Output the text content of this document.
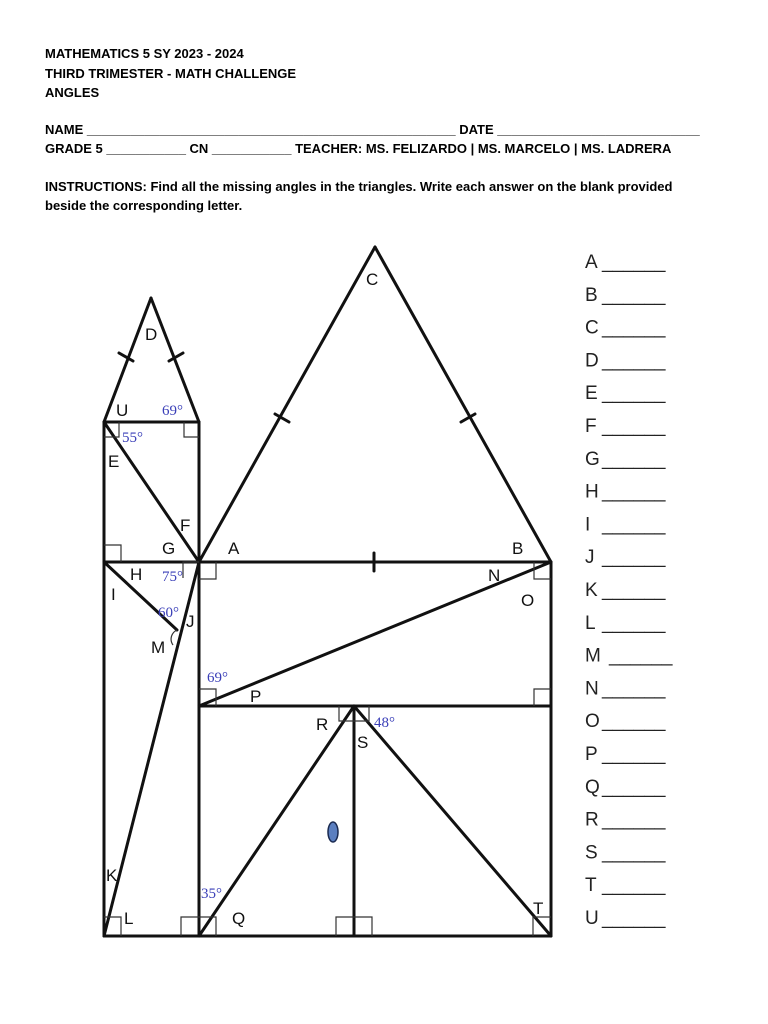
MATHEMATICS 5 SY 2023 - 2024
THIRD TRIMESTER - MATH CHALLENGE
ANGLES
NAME ___________________________________________________ DATE ____________________________
GRADE 5 ___________ CN ___________ TEACHER: MS. FELIZARDO | MS. MARCELO | MS. LADRERA
INSTRUCTIONS: Find all the missing angles in the triangles. Write each answer on the blank provided
beside the corresponding letter.
C
D
U
E
F
G	A	B
H
I
N
O
J
M
P
R
S
K
L	Q
T
69°
55°
75°
60°
69°
48°
35°
A ______
B ______
C ______
D ______
E ______
F ______
G ______
H ______
I ______
J ______
K ______
L ______
M ______
N ______
O ______
P ______
Q ______
R ______
S ______
T ______
U ______
